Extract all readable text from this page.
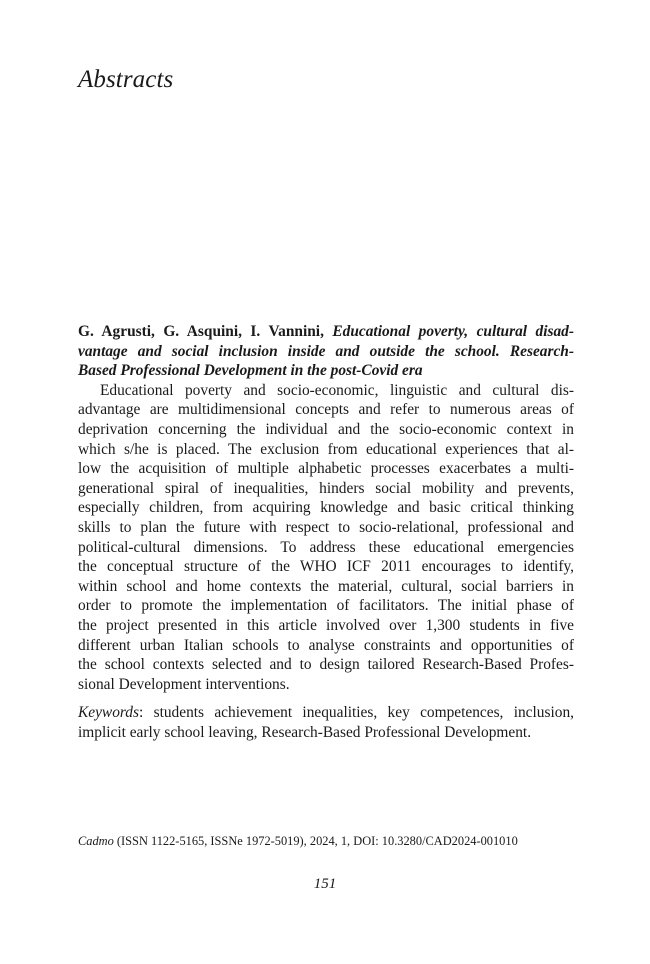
Abstracts
G. Agrusti, G. Asquini, I. Vannini, Educational poverty, cultural disad-
vantage and social inclusion inside and outside the school. Research-
Based Professional Development in the post-Covid era
Educational poverty and socio-economic, linguistic and cultural dis-
advantage are multidimensional concepts and refer to numerous areas of
deprivation concerning the individual and the socio-economic context in
which s/he is placed. The exclusion from educational experiences that al-
low the acquisition of multiple alphabetic processes exacerbates a multi-
generational spiral of inequalities, hinders social mobility and prevents,
especially children, from acquiring knowledge and basic critical thinking
skills to plan the future with respect to socio-relational, professional and
political-cultural dimensions. To address these educational emergencies
the conceptual structure of the WHO ICF 2011 encourages to identify,
within school and home contexts the material, cultural, social barriers in
order to promote the implementation of facilitators. The initial phase of
the project presented in this article involved over 1,300 students in five
different urban Italian schools to analyse constraints and opportunities of
the school contexts selected and to design tailored Research-Based Profes-
sional Development interventions.
Keywords: students achievement inequalities, key competences, inclusion,
implicit early school leaving, Research-Based Professional Development.
Cadmo (ISSN 1122-5165, ISSNe 1972-5019), 2024, 1, DOI: 10.3280/CAD2024-001010
151
